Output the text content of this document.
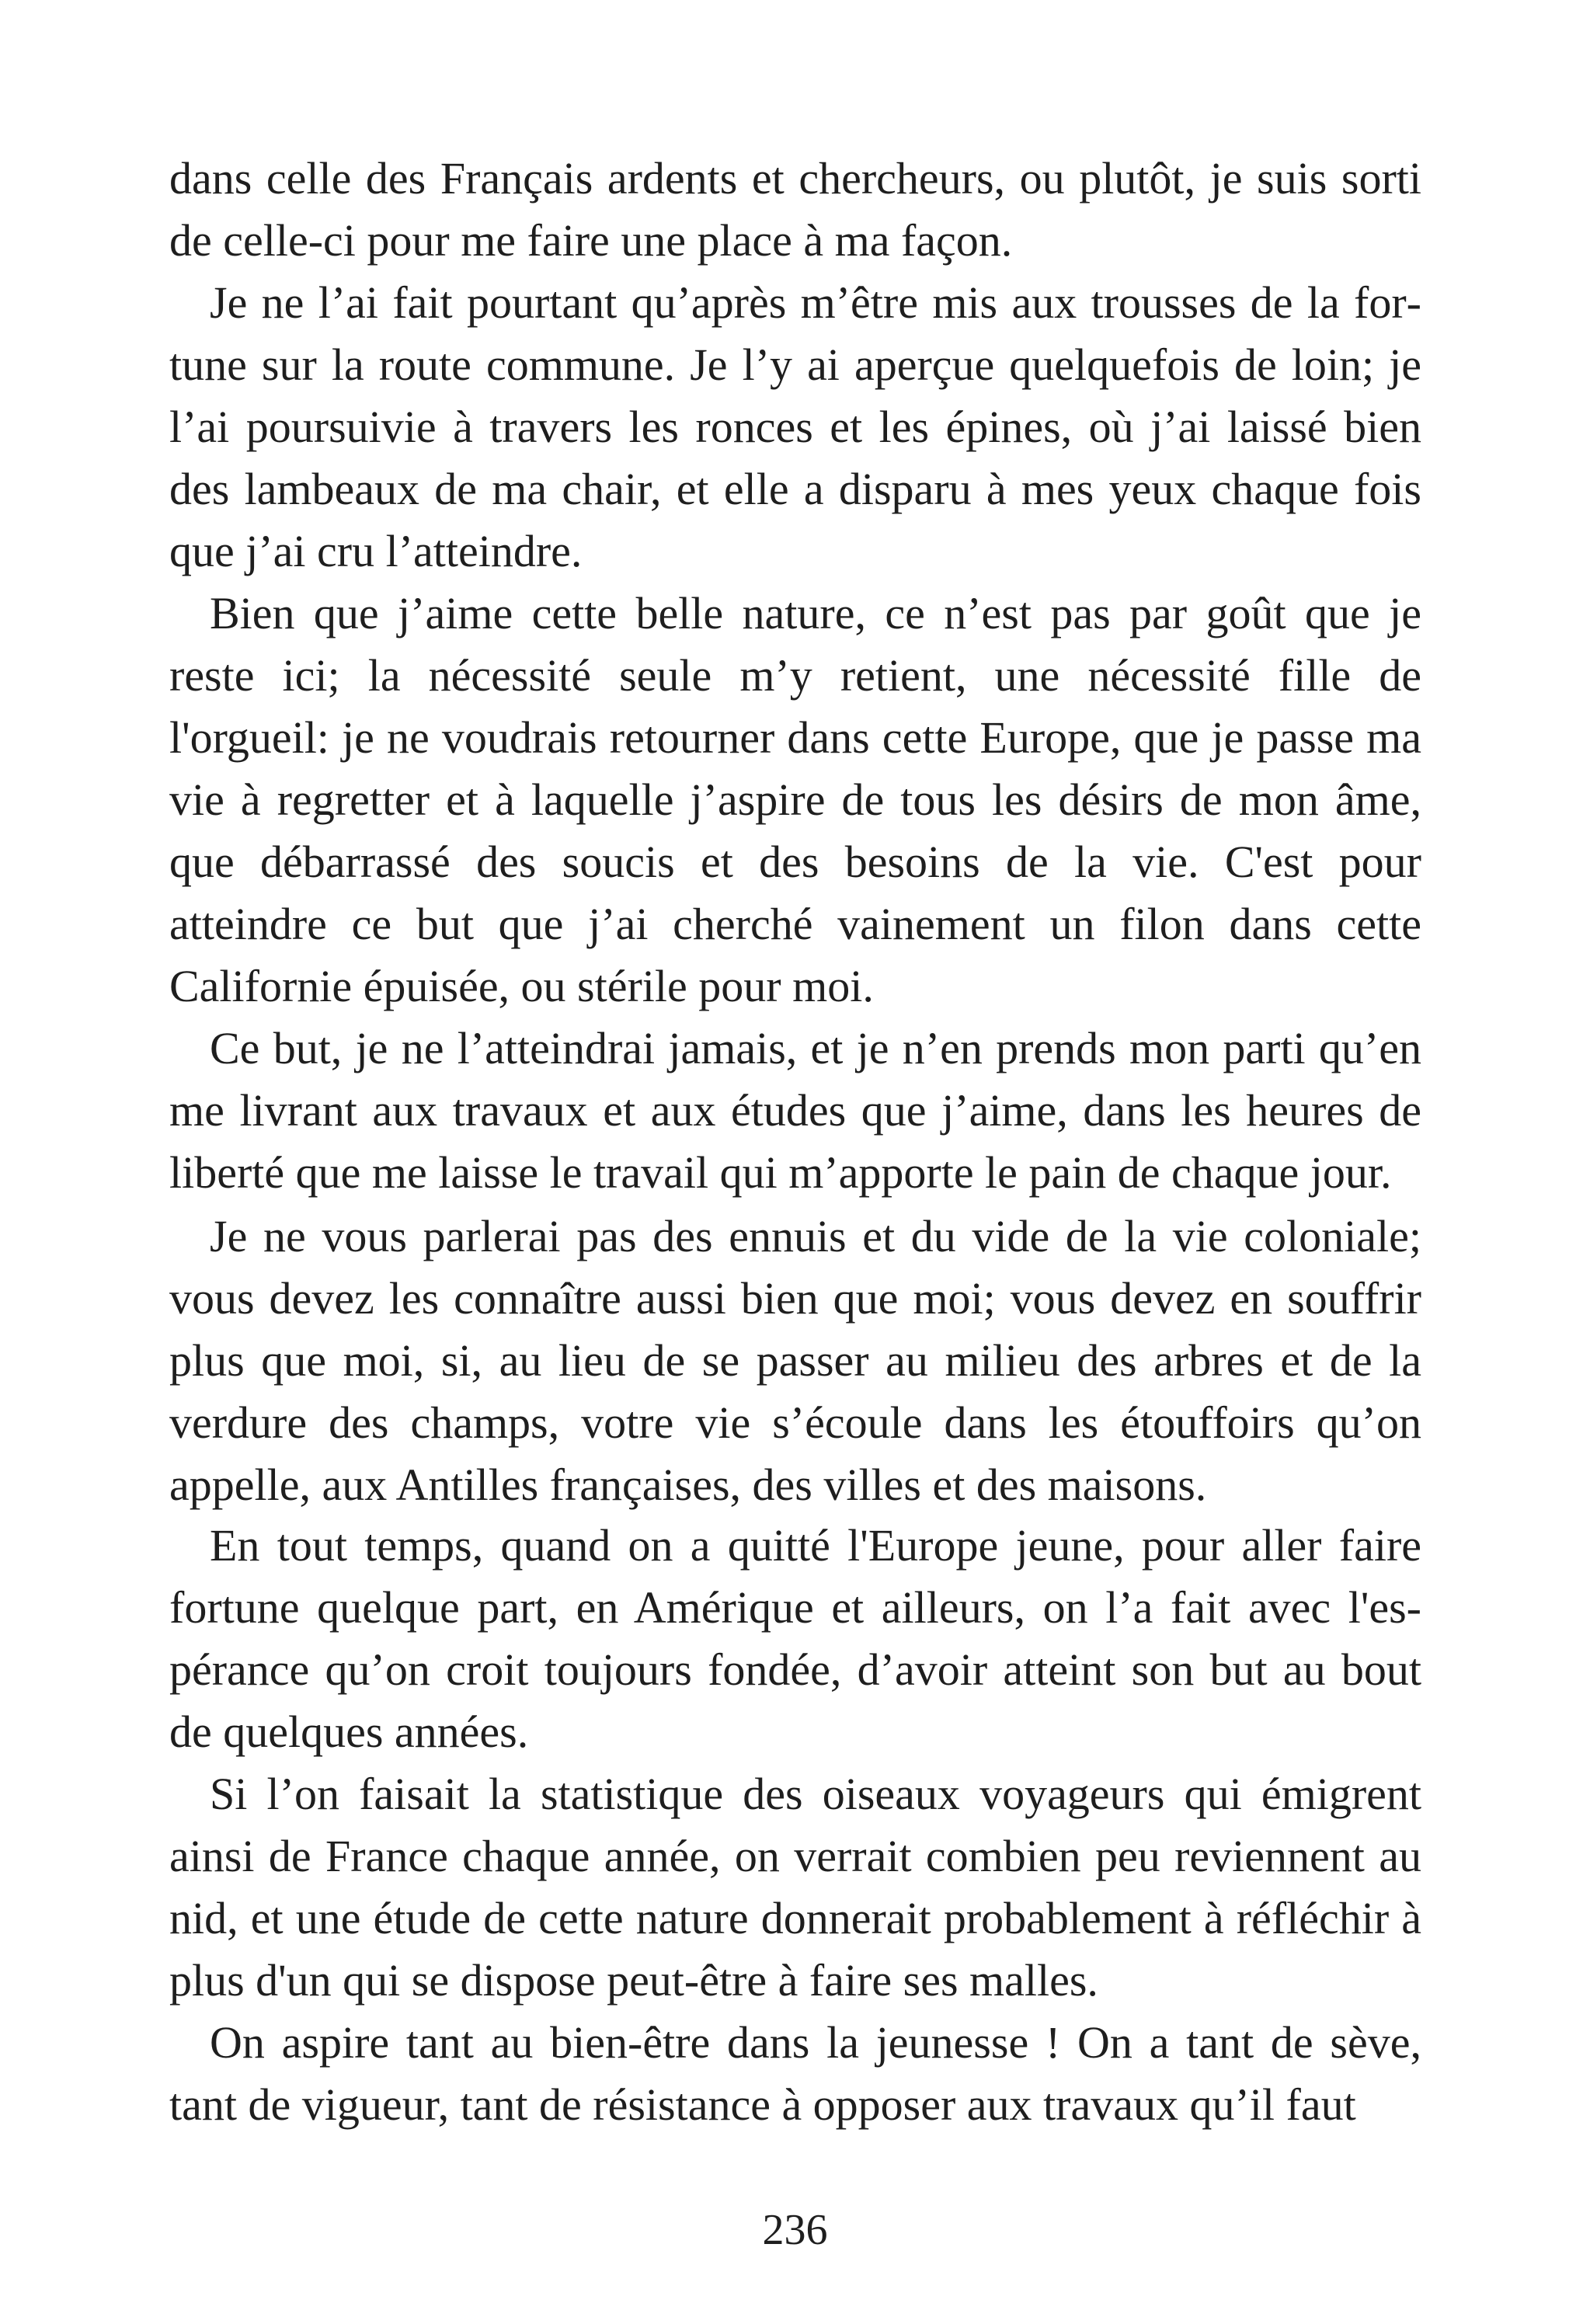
dans celle des Français ardents et chercheurs, ou plutôt, je suis sorti de celle-ci pour me faire une place à ma façon.

Je ne l’ai fait pourtant qu’après m’être mis aux trousses de la fortune sur la route commune. Je l’y ai aperçue quelquefois de loin; je l’ai poursuivie à travers les ronces et les épines, où j’ai laissé bien des lambeaux de ma chair, et elle a disparu à mes yeux chaque fois que j’ai cru l’atteindre.

Bien que j’aime cette belle nature, ce n’est pas par goût que je reste ici; la nécessité seule m’y retient, une nécessité fille de l'orgueil: je ne voudrais retourner dans cette Europe, que je passe ma vie à regretter et à laquelle j’aspire de tous les désirs de mon âme, que débarrassé des soucis et des besoins de la vie. C'est pour atteindre ce but que j’ai cherché vainement un filon dans cette Californie épuisée, ou stérile pour moi.

Ce but, je ne l’atteindrai jamais, et je n’en prends mon parti qu’en me livrant aux travaux et aux études que j’aime, dans les heures de liberté que me laisse le travail qui m’apporte le pain de chaque jour.

Je ne vous parlerai pas des ennuis et du vide de la vie coloniale; vous devez les connaître aussi bien que moi; vous devez en souffrir plus que moi, si, au lieu de se passer au milieu des arbres et de la verdure des champs, votre vie s’écoule dans les étouffoirs qu’on appelle, aux Antilles françaises, des villes et des maisons.

En tout temps, quand on a quitté l'Europe jeune, pour aller faire fortune quelque part, en Amérique et ailleurs, on l’a fait avec l'espérance qu’on croit toujours fondée, d’avoir atteint son but au bout de quelques années.

Si l’on faisait la statistique des oiseaux voyageurs qui émigrent ainsi de France chaque année, on verrait combien peu reviennent au nid, et une étude de cette nature donnerait probablement à réfléchir à plus d'un qui se dispose peut-être à faire ses malles.

On aspire tant au bien-être dans la jeunesse ! On a tant de sève, tant de vigueur, tant de résistance à opposer aux travaux qu’il faut

236
